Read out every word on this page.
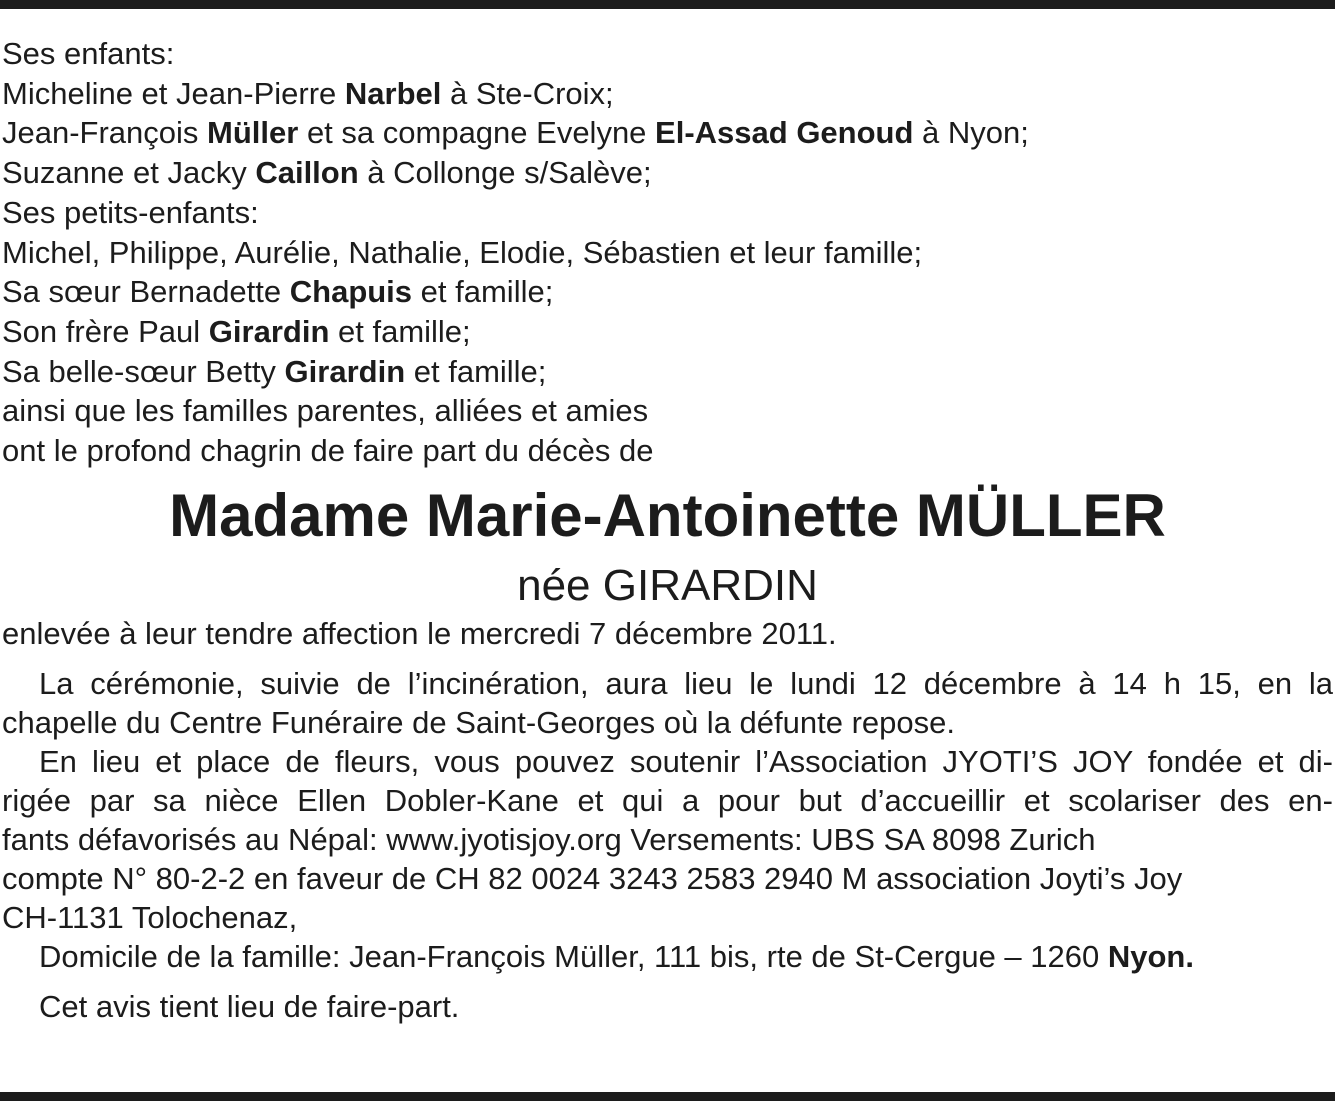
Ses enfants:
Micheline et Jean-Pierre Narbel à Ste-Croix;
Jean-François Müller et sa compagne Evelyne El-Assad Genoud à Nyon;
Suzanne et Jacky Caillon à Collonge s/Salève;
Ses petits-enfants:
Michel, Philippe, Aurélie, Nathalie, Elodie, Sébastien et leur famille;
Sa sœur Bernadette Chapuis et famille;
Son frère Paul Girardin et famille;
Sa belle-sœur Betty Girardin et famille;
ainsi que les familles parentes, alliées et amies
ont le profond chagrin de faire part du décès de
Madame Marie-Antoinette MÜLLER
née GIRARDIN
enlevée à leur tendre affection le mercredi 7 décembre 2011.
La cérémonie, suivie de l’incinération, aura lieu le lundi 12 décembre à 14 h 15, en la
chapelle du Centre Funéraire de Saint-Georges où la défunte repose.
En lieu et place de fleurs, vous pouvez soutenir l’Association JYOTI’S JOY fondée et di-
rigée par sa nièce Ellen Dobler-Kane et qui a pour but d’accueillir et scolariser des en-
fants défavorisés au Népal: www.jyotisjoy.org Versements: UBS SA 8098 Zurich
compte N° 80-2-2 en faveur de CH 82 0024 3243 2583 2940 M association Joyti’s Joy
CH-1131 Tolochenaz,
Domicile de la famille: Jean-François Müller, 111 bis, rte de St-Cergue – 1260 Nyon.
Cet avis tient lieu de faire-part.
